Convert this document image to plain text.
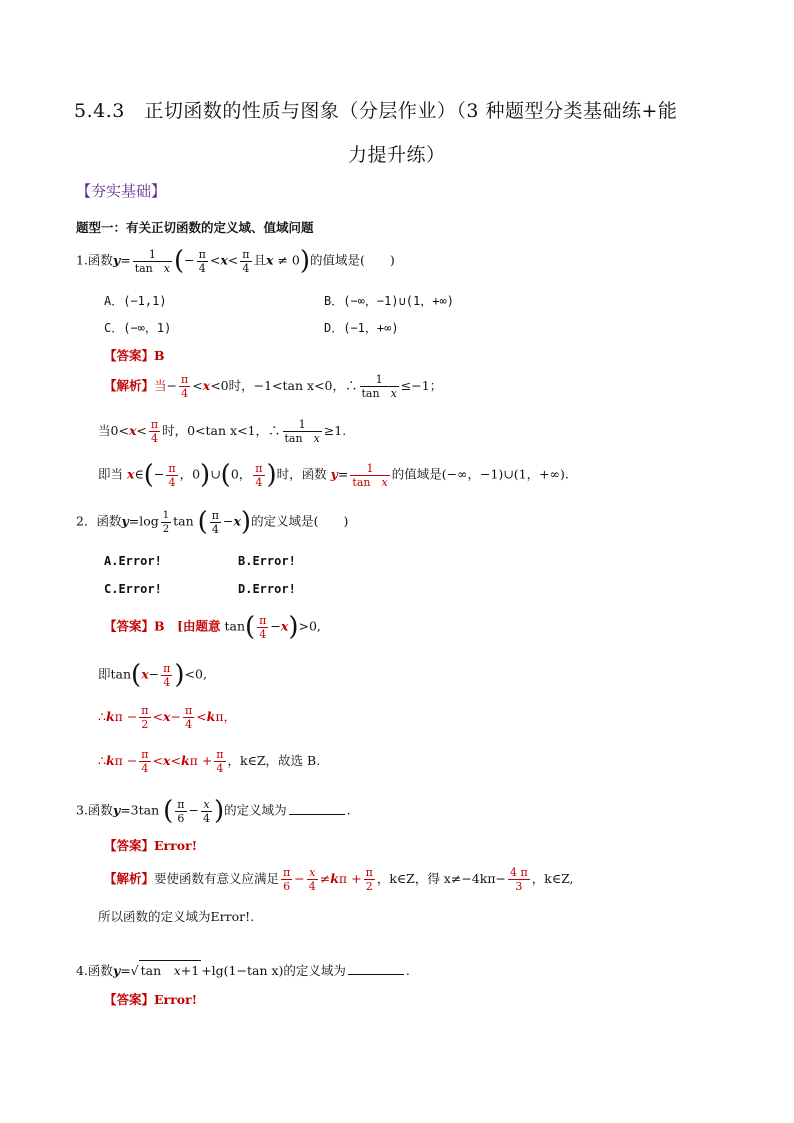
5.4.3　正切函数的性质与图象（分层作业）（3 种题型分类基础练+能
力提升练）
【夯实基础】
题型一：有关正切函数的定义域、值域问题
1.函数$y= \frac{1}{\text{tan　x}}$ (− $\frac{\pi}{4} <x< \frac{\pi}{4}$ 且x ≠ 0)的值域是(　　)
A．(−1,1)	B．(−∞，−1)∪(1，+∞)
C．(−∞，1)	D．(−1，+∞)
【答案】B
【解析】当− $\frac{\pi}{4} <x<0$时，−1<tan x<0，∴ $\frac{1}{\text{tan　x}} \le-1$；
当$0<x< \frac{\pi}{4}$ 时，0<tan x<1，∴ $\frac{1}{\text{tan　x}} \ge 1$.
即当 x∈(− $\frac{\pi}{4}$ ，0)∪(0， $\frac{\pi}{4}$ )时，函数 $y= \frac{1}{\text{tan　x}}$ 的值域是(−∞，−1)∪(1，+∞).
2．函数$y=\log \frac{1}{2}$ tan ( $\frac{\pi}{4} -x$)的定义域是(　　)
A.Error!	B.Error!
C.Error!	D.Error!
【答案】B　[由题意 $\tan( \frac{\pi}{4} -x)>0$,
即$\tan(x- \frac{\pi}{4} )<0$,
∴kπ − $\frac{\pi}{2} <x- \frac{\pi}{4} <k\pi$，
∴kπ − $\frac{\pi}{4} <x<k\pi + \frac{\pi}{4}$ ，k∈Z，故选 B.
3.函数y=3tan ( $\frac{\pi}{6} - \frac{x}{4}$ )的定义域为	.
【答案】Error!
【解析】要使函数有意义应满足 $\frac{\pi}{6} - \frac{x}{4} \ne k\pi + \frac{\pi}{2}$ ，k∈Z，得 $x\ne-4k\pi- \frac{4 \pi}{3}$ ，k∈Z,
所以函数的定义域为Error!.
4.函数y=√ tan　x+1 +lg(1−tan x)的定义域为	.
【答案】Error!
